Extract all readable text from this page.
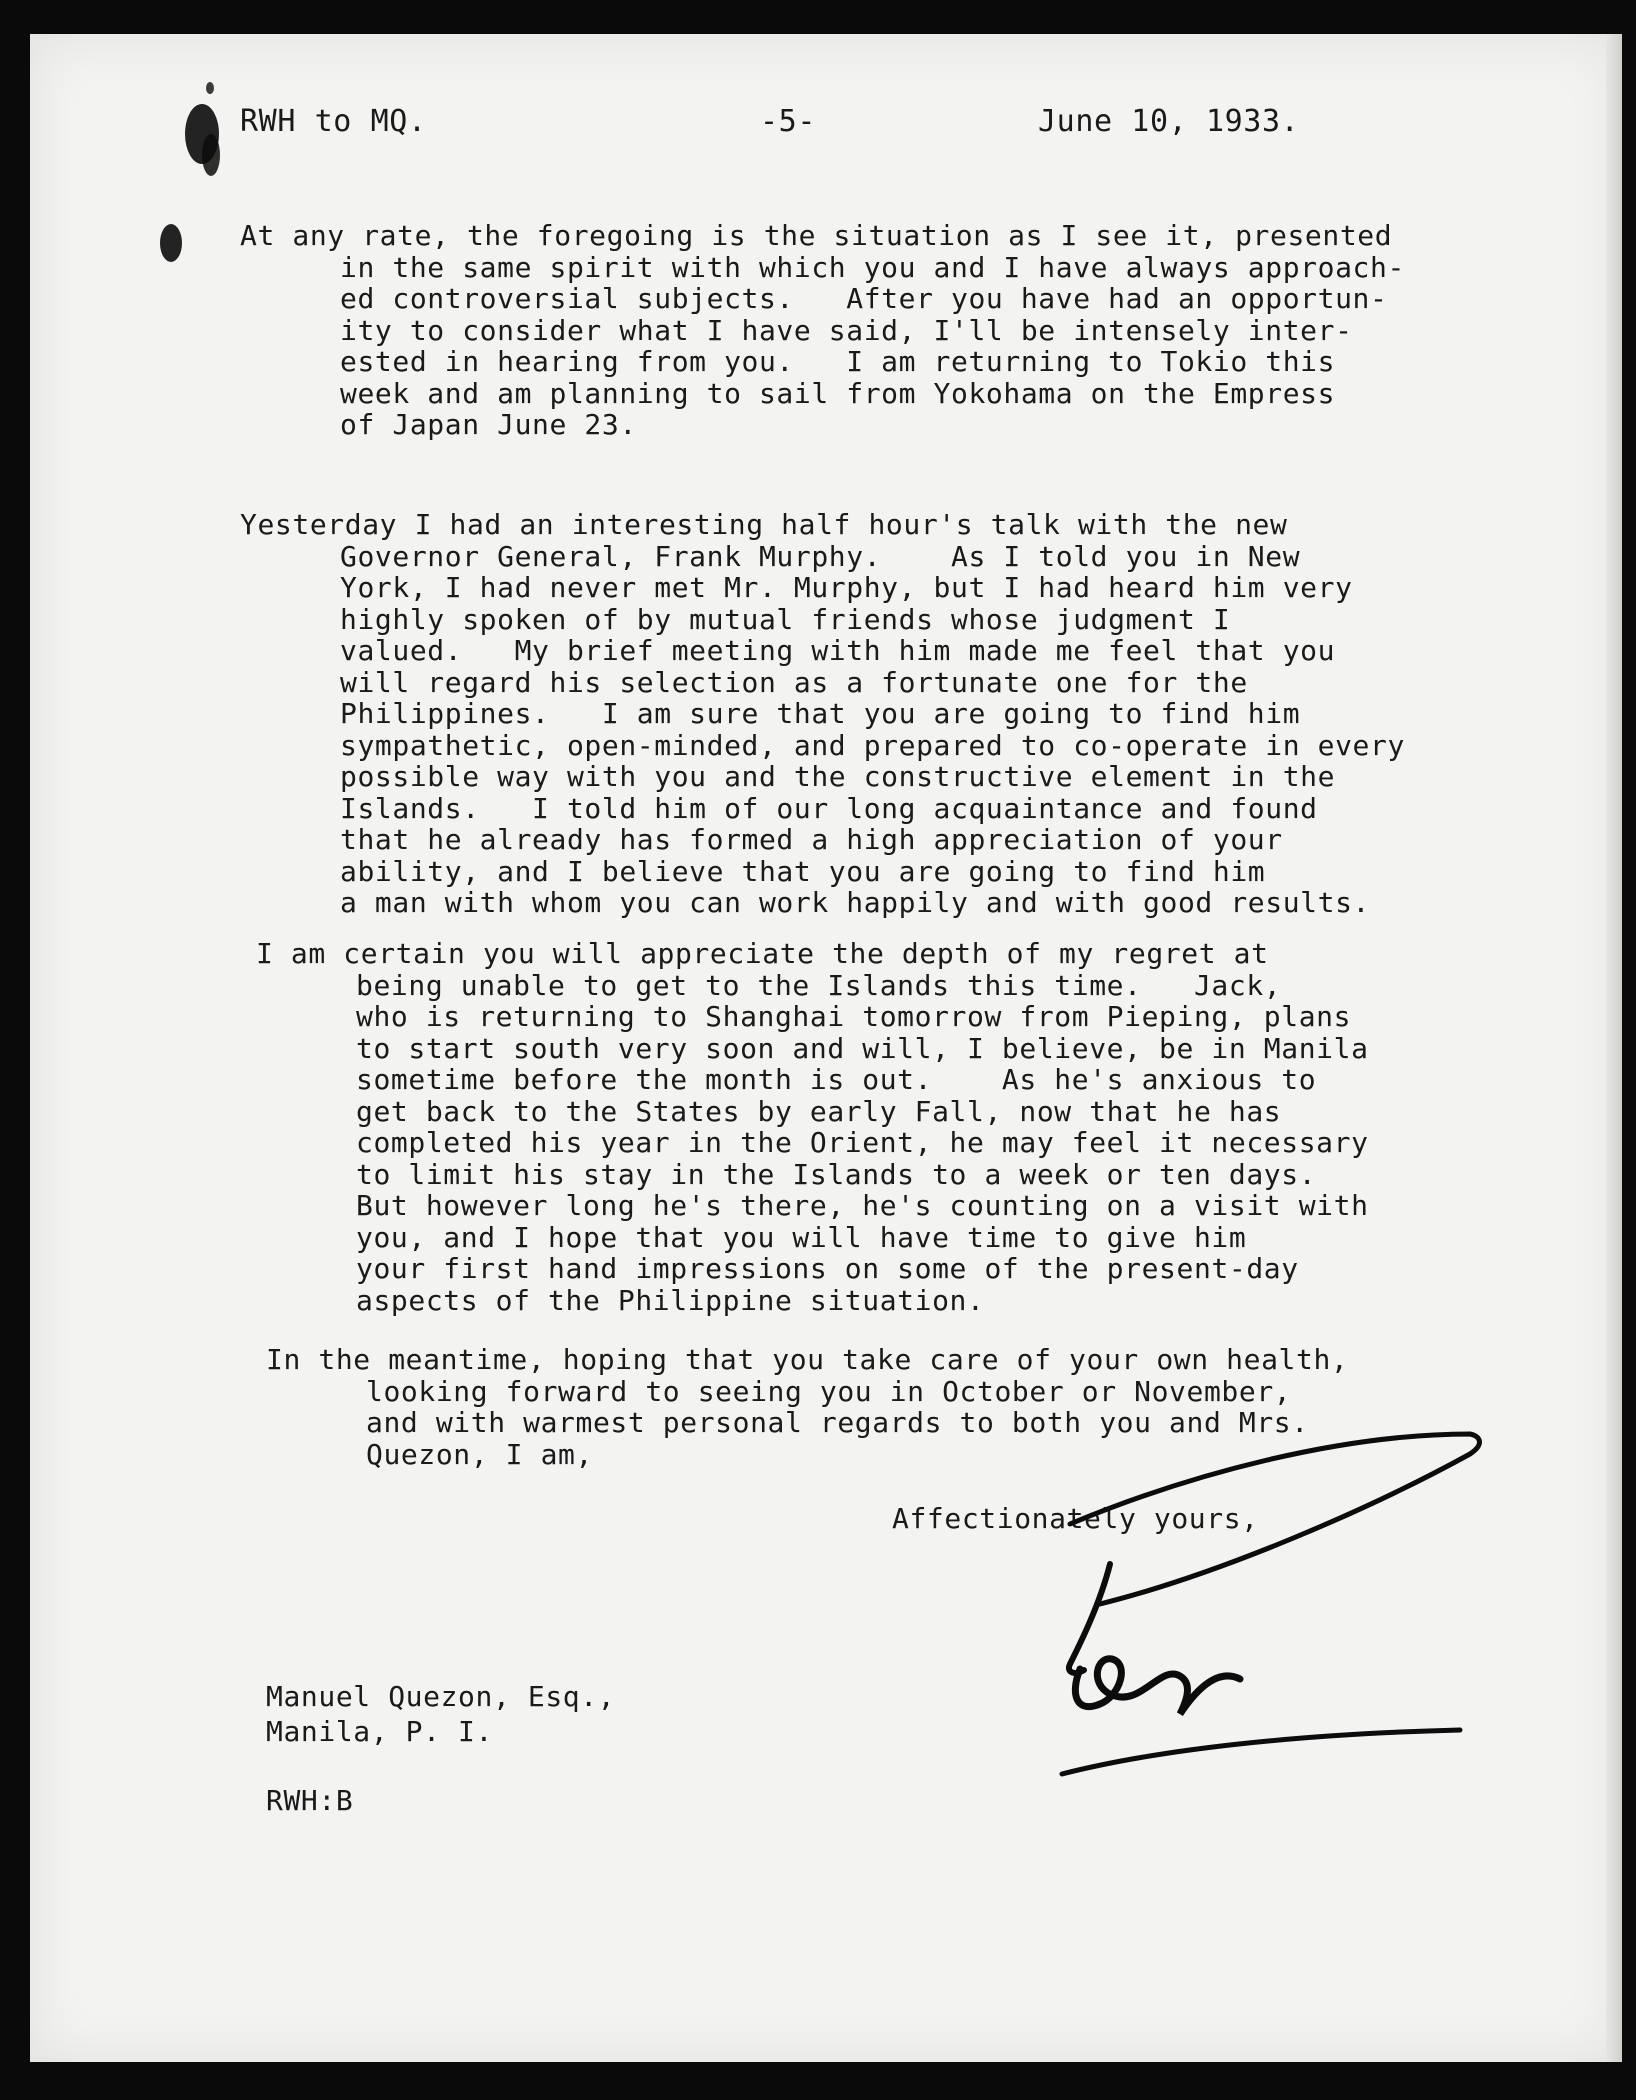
RWH to MQ.	-5-	June 10, 1933.
At any rate, the foregoing is the situation as I see it, presented
in the same spirit with which you and I have always approach-
ed controversial subjects.   After you have had an opportun-
ity to consider what I have said, I'll be intensely inter-
ested in hearing from you.   I am returning to Tokio this
week and am planning to sail from Yokohama on the Empress
of Japan June 23.
Yesterday I had an interesting half hour's talk with the new
Governor General, Frank Murphy.    As I told you in New
York, I had never met Mr. Murphy, but I had heard him very
highly spoken of by mutual friends whose judgment I
valued.   My brief meeting with him made me feel that you
will regard his selection as a fortunate one for the
Philippines.   I am sure that you are going to find him
sympathetic, open-minded, and prepared to co-operate in every
possible way with you and the constructive element in the
Islands.   I told him of our long acquaintance and found
that he already has formed a high appreciation of your
ability, and I believe that you are going to find him
a man with whom you can work happily and with good results.
I am certain you will appreciate the depth of my regret at
being unable to get to the Islands this time.   Jack,
who is returning to Shanghai tomorrow from Pieping, plans
to start south very soon and will, I believe, be in Manila
sometime before the month is out.    As he's anxious to
get back to the States by early Fall, now that he has
completed his year in the Orient, he may feel it necessary
to limit his stay in the Islands to a week or ten days.
But however long he's there, he's counting on a visit with
you, and I hope that you will have time to give him
your first hand impressions on some of the present-day
aspects of the Philippine situation.
In the meantime, hoping that you take care of your own health,
looking forward to seeing you in October or November,
and with warmest personal regards to both you and Mrs.
Quezon, I am,
Affectionately yours,
Manuel Quezon, Esq.,
Manila, P. I.
RWH:B
